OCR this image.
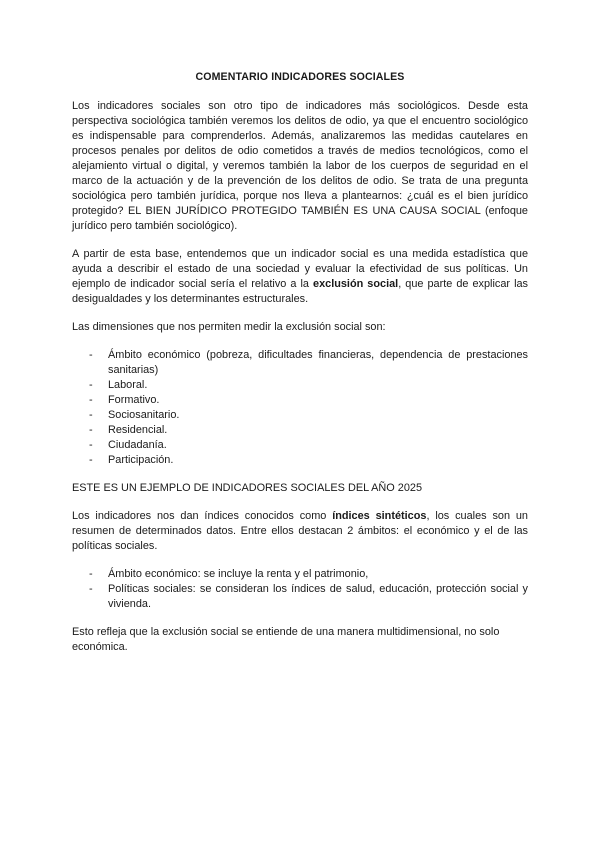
COMENTARIO INDICADORES SOCIALES

Los indicadores sociales son otro tipo de indicadores más sociológicos. Desde esta perspectiva sociológica también veremos los delitos de odio, ya que el encuentro sociológico es indispensable para comprenderlos. Además, analizaremos las medidas cautelares en procesos penales por delitos de odio cometidos a través de medios tecnológicos, como el alejamiento virtual o digital, y veremos también la labor de los cuerpos de seguridad en el marco de la actuación y de la prevención de los delitos de odio. Se trata de una pregunta sociológica pero también jurídica, porque nos lleva a plantearnos: ¿cuál es el bien jurídico protegido? EL BIEN JURÍDICO PROTEGIDO TAMBIÉN ES UNA CAUSA SOCIAL (enfoque jurídico pero también sociológico).

A partir de esta base, entendemos que un indicador social es una medida estadística que ayuda a describir el estado de una sociedad y evaluar la efectividad de sus políticas. Un ejemplo de indicador social sería el relativo a la exclusión social, que parte de explicar las desigualdades y los determinantes estructurales.

Las dimensiones que nos permiten medir la exclusión social son:

- Ámbito económico (pobreza, dificultades financieras, dependencia de prestaciones sanitarias)
- Laboral.
- Formativo.
- Sociosanitario.
- Residencial.
- Ciudadanía.
- Participación.

ESTE ES UN EJEMPLO DE INDICADORES SOCIALES DEL AÑO 2025

Los indicadores nos dan índices conocidos como índices sintéticos, los cuales son un resumen de determinados datos. Entre ellos destacan 2 ámbitos: el económico y el de las políticas sociales.

- Ámbito económico: se incluye la renta y el patrimonio,
- Políticas sociales: se consideran los índices de salud, educación, protección social y vivienda.

Esto refleja que la exclusión social se entiende de una manera multidimensional, no solo económica.
